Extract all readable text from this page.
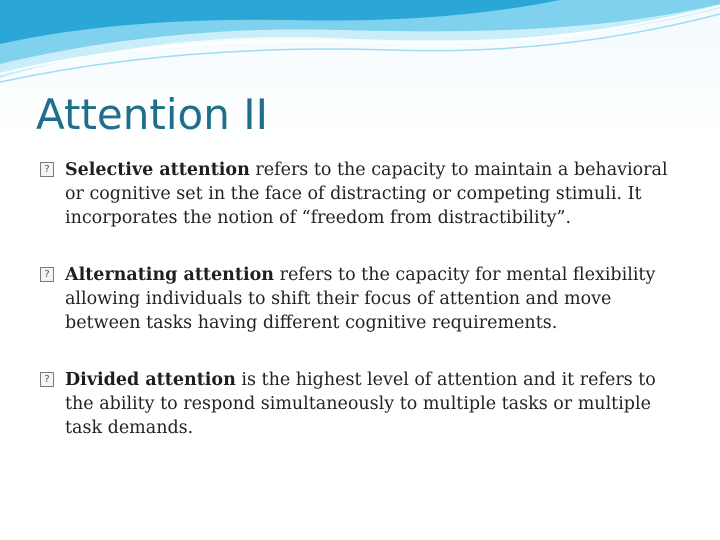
Attention II

? Selective attention refers to the capacity to maintain a behavioral or cognitive set in the face of distracting or competing stimuli. It incorporates the notion of “freedom from distractibility”.

? Alternating attention refers to the capacity for mental flexibility allowing individuals to shift their focus of attention and move between tasks having different cognitive requirements.

? Divided attention is the highest level of attention and it refers to the ability to respond simultaneously to multiple tasks or multiple task demands.
